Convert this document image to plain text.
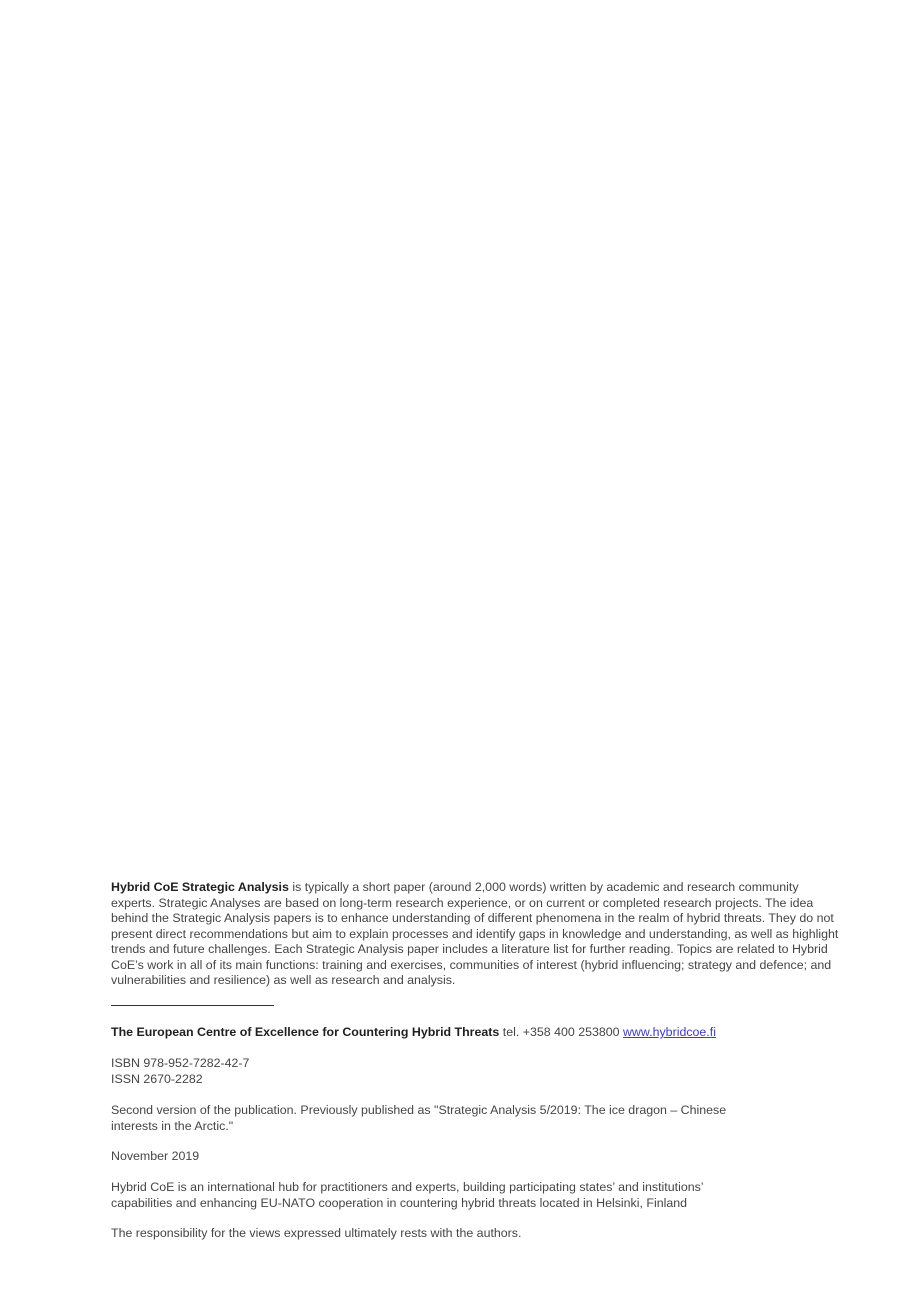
Hybrid CoE Strategic Analysis is typically a short paper (around 2,000 words) written by academic and research community experts. Strategic Analyses are based on long-term research experience, or on current or completed research projects. The idea behind the Strategic Analysis papers is to enhance understanding of different phenomena in the realm of hybrid threats. They do not present direct recommendations but aim to explain processes and identify gaps in knowledge and understanding, as well as highlight trends and future challenges. Each Strategic Analysis paper includes a literature list for further reading. Topics are related to Hybrid CoE’s work in all of its main functions: training and exercises, communities of interest (hybrid influencing; strategy and defence; and vulnerabilities and resilience) as well as research and analysis.

The European Centre of Excellence for Countering Hybrid Threats tel. +358 400 253800 www.hybridcoe.fi

ISBN 978-952-7282-42-7
ISSN 2670-2282

Second version of the publication. Previously published as "Strategic Analysis 5/2019: The ice dragon – Chinese interests in the Arctic."

November 2019

Hybrid CoE is an international hub for practitioners and experts, building participating states’ and institutions’ capabilities and enhancing EU-NATO cooperation in countering hybrid threats located in Helsinki, Finland

The responsibility for the views expressed ultimately rests with the authors.
